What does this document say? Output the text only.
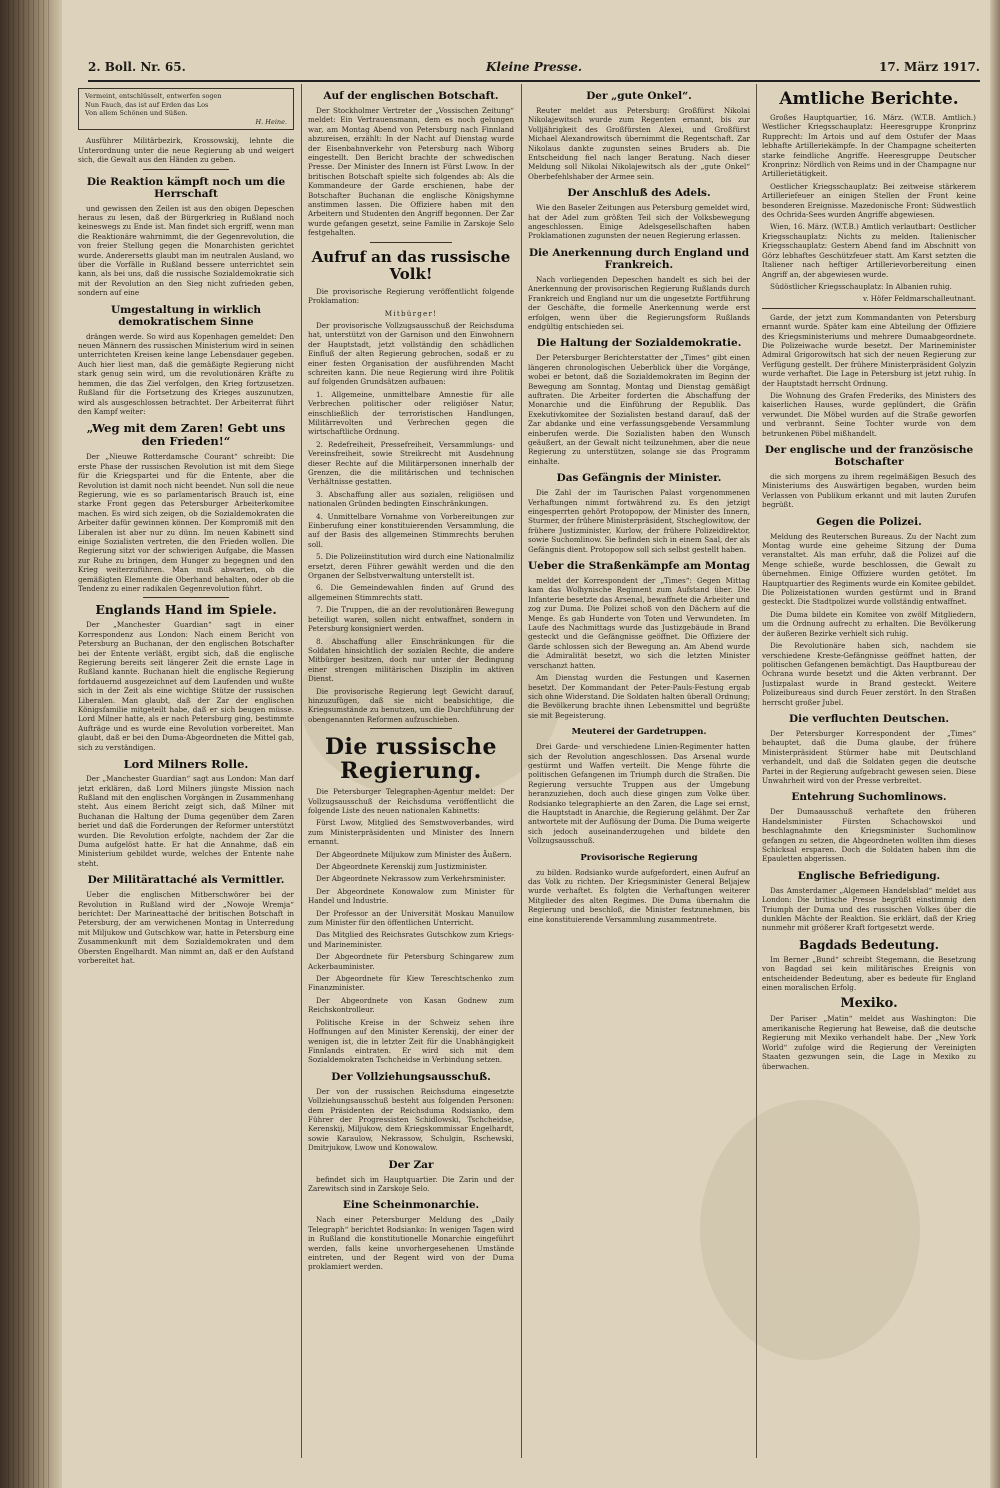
2. Boll. Nr. 65.	Kleine Presse.	17. März 1917.
Vermeint, entschlüsselt, entwerfen sogen
Nun Fauch, das ist auf Erden das Los
Von allem Schönen und Süßen.
H. Heine.

Ausführer Militärbezirk, Krossowskij, lehnte die Unterordnung unter die neue Regierung ab und weigert sich, die Gewalt aus den Händen zu geben.

Die Reaktion kämpft noch um die Herrschaft

und gewissen den Zeilen ist aus den obigen Depeschen heraus zu lesen, daß der Bürgerkrieg in Rußland noch keineswegs zu Ende ist. Man findet sich ergriff, wenn man die Reaktionäre wahrnimmt, die der Gegenrevolution, die von freier Stellung gegen die Monarchisten gerichtet wurde. Anderersetts glaubt man im neutralen Ausland, wo über die Vorfälle in Rußland bessere unterrichtet sein kann, als bei uns, daß die russische Sozialdemokratie sich mit der Revolution an den Sieg nicht zufrieden geben, sondern auf eine

Umgestaltung in wirklich demokratischem Sinne

drängen werde. So wird aus Kopenhagen gemeldet: Den neuen Männern des russischen Ministerium wird in seinen unterrichteten Kreisen keine lange Lebensdauer gegeben. Auch hier liest man, daß die gemäßigte Regierung nicht stark genug sein wird, um die revolutionären Kräfte zu hemmen, die das Ziel verfolgen, den Krieg fortzusetzen. Rußland für die Fortsetzung des Krieges auszunutzen, wird als ausgeschlossen betrachtet. Der Arbeiterrat führt den Kampf weiter:

„Weg mit dem Zaren! Gebt uns den Frieden!“

Der „Nieuwe Rotterdamsche Courant“ schreibt: Die erste Phase der russischen Revolution ist mit dem Siege für die Kriegspartei und für die Entente, aber die Revolution ist damit noch nicht beendet. Nun soll die neue Regierung, wie es so parlamentarisch Brauch ist, eine starke Front gegen das Petersburger Arbeiterkomitee machen. Es wird sich zeigen, ob die Sozialdemokraten die Arbeiter dafür gewinnen können. Der Kompromiß mit den Liberalen ist aber nur zu dünn. Im neuen Kabinett sind einige Sozialisten vertreten, die den Frieden wollen. Die Regierung sitzt vor der schwierigen Aufgabe, die Massen zur Ruhe zu bringen, dem Hunger zu begegnen und den Krieg weiterzuführen. Man muß abwarten, ob die gemäßigten Elemente die Oberhand behalten, oder ob die Tendenz zu einer radikalen Gegenrevolution führt.

Englands Hand im Spiele.

Der „Manchester Guardian“ sagt in einer Korrespondenz aus London: Nach einem Bericht von Petersburg an Buchanan, der den englischen Botschafter bei der Entente verläßt, ergibt sich, daß die englische Regierung bereits seit längerer Zeit die ernste Lage in Rußland kannte. Buchanan hielt die englische Regierung fortdauernd ausgezeichnet auf dem Laufenden und wußte sich in der Zeit als eine wichtige Stütze der russischen Liberalen. Man glaubt, daß der Zar der englischen Königsfamilie mitgeteilt habe, daß er sich beugen müsse. Lord Milner hatte, als er nach Petersburg ging, bestimmte Aufträge und es wurde eine Revolution vorbereitet. Man glaubt, daß er bei den Duma-Abgeordneten die Mittel gab, sich zu verständigen.

Lord Milners Rolle.

Der „Manchester Guardian“ sagt aus London: Man darf jetzt erklären, daß Lord Milners jüngste Mission nach Rußland mit den englischen Vorgängen in Zusammenhang steht. Aus einem Bericht zeigt sich, daß Milner mit Buchanan die Haltung der Duma gegenüber dem Zaren beriet und daß die Forderungen der Reformer unterstützt wurden. Die Revolution erfolgte, nachdem der Zar die Duma aufgelöst hatte. Er hat die Annahme, daß ein Ministerium gebildet wurde, welches der Entente nahe steht.

Der Militärattaché als Vermittler.

Ueber die englischen Mitberschwörer bei der Revolution in Rußland wird der „Nowoje Wremja“ berichtet: Der Marineattaché der britischen Botschaft in Petersburg, der am verwichenen Montag in Unterredung mit Miljukow und Gutschkow war, hatte in Petersburg eine Zusammenkunft mit dem Sozialdemokraten und dem Obersten Engelhardt. Man nimmt an, daß er den Aufstand vorbereitet hat.

Auf der englischen Botschaft.

Der Stockholmer Vertreter der „Vossischen Zeitung“ meldet: Ein Vertrauensmann, dem es noch gelungen war, am Montag Abend von Petersburg nach Finnland abzureisen, erzählt: In der Nacht auf Dienstag wurde der Eisenbahnverkehr von Petersburg nach Wiborg eingestellt. Den Bericht brachte der schwedischen Presse. Der Minister des Innern ist Fürst Lwow. In der britischen Botschaft spielte sich folgendes ab: Als die Kommandeure der Garde erschienen, habe der Botschafter Buchanan die englische Königshymne anstimmen lassen. Die Offiziere haben mit den Arbeitern und Studenten den Angriff begonnen. Der Zar wurde gefangen gesetzt, seine Familie in Zarskoje Selo festgehalten.

Aufruf an das russische Volk!

Die provisorische Regierung veröffentlicht folgende Proklamation:

Mitbürger!

Der provisorische Vollzugsausschuß der Reichsduma hat, unterstützt von der Garnison und den Einwohnern der Hauptstadt, jetzt vollständig den schädlichen Einfluß der alten Regierung gebrochen, sodaß er zu einer festen Organisation der ausführenden Macht schreiten kann. Die neue Regierung wird ihre Politik auf folgenden Grundsätzen aufbauen:

1. Allgemeine, unmittelbare Amnestie für alle Verbrechen politischer oder religiöser Natur, einschließlich der terroristischen Handlungen, Militärrevolten und Verbrechen gegen die wirtschaftliche Ordnung.

2. Redefreiheit, Pressefreiheit, Versammlungs- und Vereinsfreiheit, sowie Streikrecht mit Ausdehnung dieser Rechte auf die Militärpersonen innerhalb der Grenzen, die die militärischen und technischen Verhältnisse gestatten.

3. Abschaffung aller aus sozialen, religiösen und nationalen Gründen bedingten Einschränkungen.

4. Unmittelbare Vornahme von Vorbereitungen zur Einberufung einer konstituierenden Versammlung, die auf der Basis des allgemeinen Stimmrechts beruhen soll.

5. Die Polizeiinstitution wird durch eine Nationalmiliz ersetzt, deren Führer gewählt werden und die den Organen der Selbstverwaltung unterstellt ist.

6. Die Gemeindewahlen finden auf Grund des allgemeinen Stimmrechts statt.

7. Die Truppen, die an der revolutionären Bewegung beteiligt waren, sollen nicht entwaffnet, sondern in Petersburg konsigniert werden.

8. Abschaffung aller Einschränkungen für die Soldaten hinsichtlich der sozialen Rechte, die andere Mitbürger besitzen, doch nur unter der Bedingung einer strengen militärischen Disziplin im aktiven Dienst.

Die provisorische Regierung legt Gewicht darauf, hinzuzufügen, daß sie nicht beabsichtige, die Kriegsumstände zu benutzen, um die Durchführung der obengenannten Reformen aufzuschieben.

Die russische Regierung.

Die Petersburger Telegraphen-Agentur meldet: Der Vollzugsausschuß der Reichsduma veröffentlicht die folgende Liste des neuen nationalen Kabinetts:

Fürst Lwow, Mitglied des Semstwoverbandes, wird zum Ministerpräsidenten und Minister des Innern ernannt.

Der Abgeordnete Miljukow zum Minister des Äußern.

Der Abgeordnete Kerenskij zum Justizminister.

Der Abgeordnete Nekrassow zum Verkehrsminister.

Der Abgeordnete Konowalow zum Minister für Handel und Industrie.

Der Professor an der Universität Moskau Manuilow zum Minister für den öffentlichen Unterricht.

Das Mitglied des Reichsrates Gutschkow zum Kriegs- und Marineminister.

Der Abgeordnete für Petersburg Schingarew zum Ackerbauminister.

Der Abgeordnete für Kiew Tereschtschenko zum Finanzminister.

Der Abgeordnete von Kasan Godnew zum Reichskontrolleur.

Politische Kreise in der Schweiz sehen ihre Hoffnungen auf den Minister Kerenskij, der einer der wenigen ist, die in letzter Zeit für die Unabhängigkeit Finnlands eintraten. Er wird sich mit dem Sozialdemokraten Tschcheidse in Verbindung setzen.

Der Vollziehungsausschuß.

Der von der russischen Reichsduma eingesetzte Vollziehungsausschuß besteht aus folgenden Personen: dem Präsidenten der Reichsduma Rodsianko, dem Führer der Progressisten Schidlowski, Tschcheidse, Kerenskij, Miljukow, dem Kriegskommissar Engelhardt, sowie Karaulow, Nekrassow, Schulgin, Rschewski, Dmitrjukow, Lwow und Konowalow.

Der Zar

befindet sich im Hauptquartier. Die Zarin und der Zarewitsch sind in Zarskoje Selo.

Eine Scheinmonarchie.

Nach einer Petersburger Meldung des „Daily Telegraph“ berichtet Rodsianko: In wenigen Tagen wird in Rußland die konstitutionelle Monarchie eingeführt werden, falls keine unvorhergesehenen Umstände eintreten, und der Regent wird von der Duma proklamiert werden.

Der „gute Onkel“.

Reuter meldet aus Petersburg: Großfürst Nikolai Nikolajewitsch wurde zum Regenten ernannt, bis zur Volljährigkeit des Großfürsten Alexei, und Großfürst Michael Alexandrowitsch übernimmt die Regentschaft. Zar Nikolaus dankte zugunsten seines Bruders ab. Die Entscheidung fiel nach langer Beratung. Nach dieser Meldung soll Nikolai Nikolajewitsch als der „gute Onkel“ Oberbefehlshaber der Armee sein.

Der Anschluß des Adels.

Wie den Baseler Zeitungen aus Petersburg gemeldet wird, hat der Adel zum größten Teil sich der Volksbewegung angeschlossen. Einige Adelsgesellschaften haben Proklamationen zugunsten der neuen Regierung erlassen.

Die Anerkennung durch England und Frankreich.

Nach vorliegenden Depeschen handelt es sich bei der Anerkennung der provisorischen Regierung Rußlands durch Frankreich und England nur um die ungesetzte Fortführung der Geschäfte, die formelle Anerkennung werde erst erfolgen, wenn über die Regierungsform Rußlands endgültig entschieden sei.

Die Haltung der Sozialdemokratie.

Der Petersburger Berichterstatter der „Times“ gibt einen längeren chronologischen Ueberblick über die Vorgänge, wobei er betont, daß die Sozialdemokraten im Beginn der Bewegung am Sonntag, Montag und Dienstag gemäßigt auftraten. Die Arbeiter forderten die Abschaffung der Monarchie und die Einführung der Republik. Das Exekutivkomitee der Sozialisten bestand darauf, daß der Zar abdanke und eine verfassungsgebende Versammlung einberufen werde. Die Sozialisten haben den Wunsch geäußert, an der Gewalt nicht teilzunehmen, aber die neue Regierung zu unterstützen, solange sie das Programm einhalte.

Das Gefängnis der Minister.

Die Zahl der im Taurischen Palast vorgenommenen Verhaftungen nimmt fortwährend zu. Es den jetzigt eingesperrten gehört Protopopow, der Minister des Innern, Sturmer, der frühere Ministerpräsident, Stscheglowitow, der frühere Justizminister, Kurlow, der frühere Polizeidirektor, sowie Suchomlinow. Sie befinden sich in einem Saal, der als Gefängnis dient. Protopopow soll sich selbst gestellt haben.

Ueber die Straßenkämpfe am Montag

meldet der Korrespondent der „Times“: Gegen Mittag kam das Wolhynische Regiment zum Aufstand über. Die Infanterie besetzte das Arsenal, bewaffnete die Arbeiter und zog zur Duma. Die Polizei schoß von den Dächern auf die Menge. Es gab Hunderte von Toten und Verwundeten. Im Laufe des Nachmittags wurde das Justizgebäude in Brand gesteckt und die Gefängnisse geöffnet. Die Offiziere der Garde schlossen sich der Bewegung an. Am Abend wurde die Admiralität besetzt, wo sich die letzten Minister verschanzt hatten.

Am Dienstag wurden die Festungen und Kasernen besetzt. Der Kommandant der Peter-Pauls-Festung ergab sich ohne Widerstand. Die Soldaten halten überall Ordnung; die Bevölkerung brachte ihnen Lebensmittel und begrüßte sie mit Begeisterung.

Meuterei der Gardetruppen.

Drei Garde- und verschiedene Linien-Regimenter hatten sich der Revolution angeschlossen. Das Arsenal wurde gestürmt und Waffen verteilt. Die Menge führte die politischen Gefangenen im Triumph durch die Straßen. Die Regierung versuchte Truppen aus der Umgebung heranzuziehen, doch auch diese gingen zum Volke über. Rodsianko telegraphierte an den Zaren, die Lage sei ernst, die Hauptstadt in Anarchie, die Regierung gelähmt. Der Zar antwortete mit der Auflösung der Duma. Die Duma weigerte sich jedoch auseinanderzugehen und bildete den Vollzugsausschuß.

Provisorische Regierung

zu bilden. Rodsianko wurde aufgefordert, einen Aufruf an das Volk zu richten. Der Kriegsminister General Beljajew wurde verhaftet. Es folgten die Verhaftungen weiterer Mitglieder des alten Regimes. Die Duma übernahm die Regierung und beschloß, die Minister festzunehmen, bis eine konstituierende Versammlung zusammentrete.

Amtliche Berichte.

Großes Hauptquartier, 16. März. (W.T.B. Amtlich.) Westlicher Kriegsschauplatz: Heeresgruppe Kronprinz Rupprecht: Im Artois und auf dem Ostufer der Maas lebhafte Artilleriekämpfe. In der Champagne scheiterten starke feindliche Angriffe. Heeresgruppe Deutscher Kronprinz: Nördlich von Reims und in der Champagne nur Artillerietätigkeit.

Oestlicher Kriegsschauplatz: Bei zeitweise stärkerem Artilleriefeuer an einigen Stellen der Front keine besonderen Ereignisse. Mazedonische Front: Südwestlich des Ochrida-Sees wurden Angriffe abgewiesen.

Wien, 16. März. (W.T.B.) Amtlich verlautbart: Oestlicher Kriegsschauplatz: Nichts zu melden. Italienischer Kriegsschauplatz: Gestern Abend fand im Abschnitt von Görz lebhaftes Geschützfeuer statt. Am Karst setzten die Italiener nach heftiger Artillerievorbereitung einen Angriff an, der abgewiesen wurde.

Südöstlicher Kriegsschauplatz: In Albanien ruhig.

v. Höfer Feldmarschalleutnant.

Garde, der jetzt zum Kommandanten von Petersburg ernannt wurde. Später kam eine Abteilung der Offiziere des Kriegsministeriums und mehrere Dumaabgeordnete. Die Polizeiwache wurde besetzt. Der Marineminister Admiral Grigorowitsch hat sich der neuen Regierung zur Verfügung gestellt. Der frühere Ministerpräsident Golyzin wurde verhaftet. Die Lage in Petersburg ist jetzt ruhig. In der Hauptstadt herrscht Ordnung.

Die Wohnung des Grafen Frederiks, des Ministers des kaiserlichen Hauses, wurde geplündert, die Gräfin verwundet. Die Möbel wurden auf die Straße geworfen und verbrannt. Seine Tochter wurde von dem betrunkenen Pöbel mißhandelt.

Der englische und der französische Botschafter

die sich morgens zu ihrem regelmäßigen Besuch des Ministeriums des Auswärtigen begaben, wurden beim Verlassen von Publikum erkannt und mit lauten Zurufen begrüßt.

Gegen die Polizei.

Meldung des Reuterschen Bureaus. Zu der Nacht zum Montag wurde eine geheime Sitzung der Duma veranstaltet. Als man erfuhr, daß die Polizei auf die Menge schieße, wurde beschlossen, die Gewalt zu übernehmen. Einige Offiziere wurden getötet. Im Hauptquartier des Regiments wurde ein Komitee gebildet. Die Polizeistationen wurden gestürmt und in Brand gesteckt. Die Stadtpolizei wurde vollständig entwaffnet.

Die Duma bildete ein Komitee von zwölf Mitgliedern, um die Ordnung aufrecht zu erhalten. Die Bevölkerung der äußeren Bezirke verhielt sich ruhig.

Die Revolutionäre haben sich, nachdem sie verschiedene Kreste-Gefängnisse geöffnet hatten, der politischen Gefangenen bemächtigt. Das Hauptbureau der Ochrana wurde besetzt und die Akten verbrannt. Der Justizpalast wurde in Brand gesteckt. Weitere Polizeibureaus sind durch Feuer zerstört. In den Straßen herrscht großer Jubel.

Die verfluchten Deutschen.

Der Petersburger Korrespondent der „Times“ behauptet, daß die Duma glaube, der frühere Ministerpräsident Stürmer habe mit Deutschland verhandelt, und daß die Soldaten gegen die deutsche Partei in der Regierung aufgebracht gewesen seien. Diese Unwahrheit wird von der Presse verbreitet.

Entehrung Suchomlinows.

Der Dumaausschuß verhaftete den früheren Handelsminister Fürsten Schachowskoi und beschlagnahmte den Kriegsminister Suchomlinow gefangen zu setzen, die Abgeordneten wollten ihm dieses Schicksal ersparen. Doch die Soldaten haben ihm die Epauletten abgerissen.

Englische Befriedigung.

Das Amsterdamer „Algemeen Handelsblad“ meldet aus London: Die britische Presse begrüßt einstimmig den Triumph der Duma und des russischen Volkes über die dunklen Mächte der Reaktion. Sie erklärt, daß der Krieg nunmehr mit größerer Kraft fortgesetzt werde.

Bagdads Bedeutung.

Im Berner „Bund“ schreibt Stegemann, die Besetzung von Bagdad sei kein militärisches Ereignis von entscheidender Bedeutung, aber es bedeute für England einen moralischen Erfolg.

Mexiko.

Der Pariser „Matin“ meldet aus Washington: Die amerikanische Regierung hat Beweise, daß die deutsche Regierung mit Mexiko verhandelt habe. Der „New York World“ zufolge wird die Regierung der Vereinigten Staaten gezwungen sein, die Lage in Mexiko zu überwachen.
